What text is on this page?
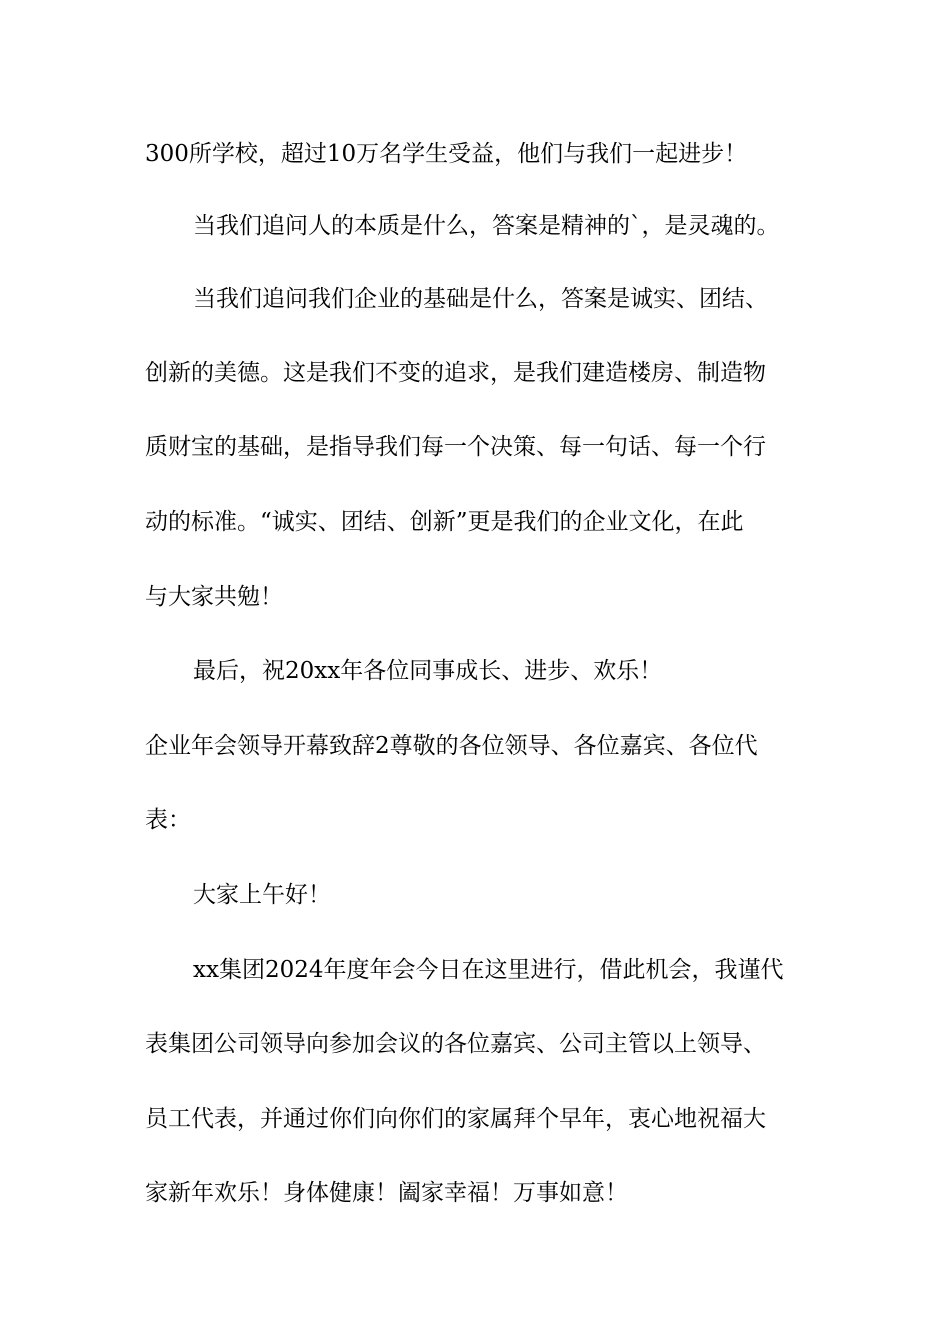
300所学校，超过10万名学生受益，他们与我们一起进步！
当我们追问人的本质是什么，答案是精神的`，是灵魂的。
当我们追问我们企业的基础是什么，答案是诚实、团结、
创新的美德。这是我们不变的追求，是我们建造楼房、制造物
质财宝的基础，是指导我们每一个决策、每一句话、每一个行
动的标准。“诚实、团结、创新”更是我们的企业文化，在此
与大家共勉！
最后，祝20xx年各位同事成长、进步、欢乐！
企业年会领导开幕致辞2尊敬的各位领导、各位嘉宾、各位代
表：
大家上午好！
xx集团2024年度年会今日在这里进行，借此机会，我谨代
表集团公司领导向参加会议的各位嘉宾、公司主管以上领导、
员工代表，并通过你们向你们的家属拜个早年，衷心地祝福大
家新年欢乐！身体健康！阖家幸福！万事如意！
